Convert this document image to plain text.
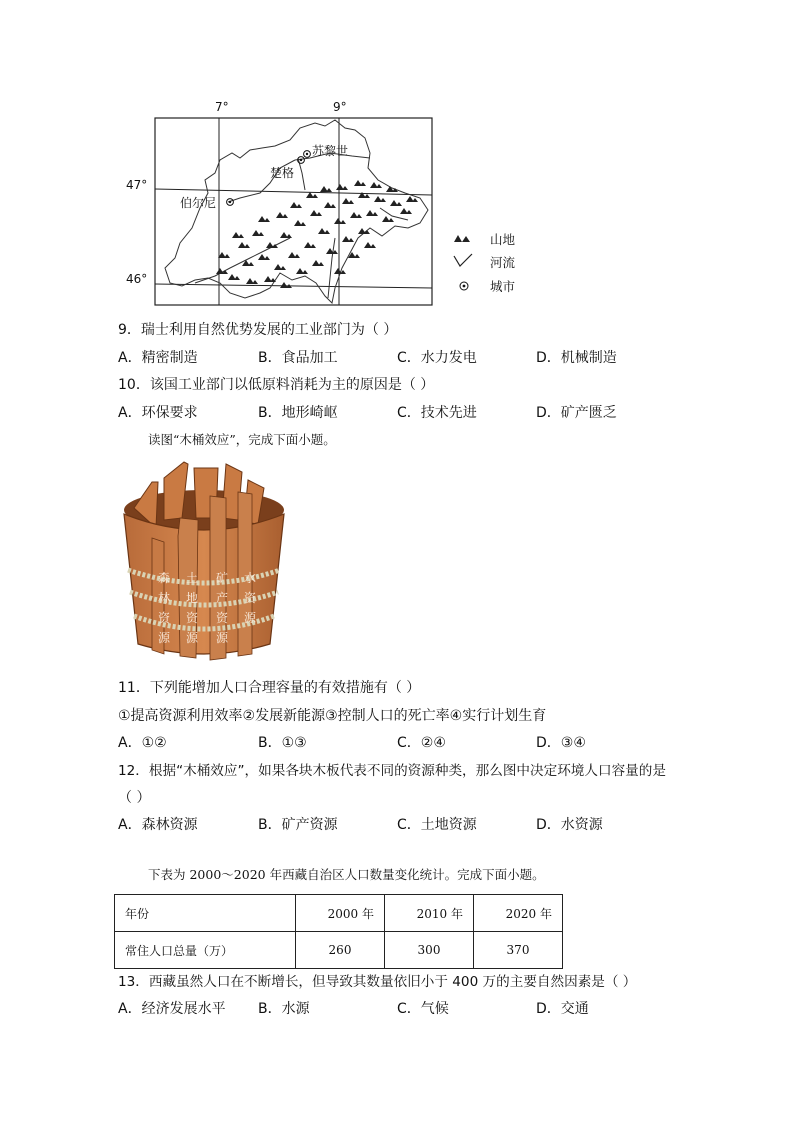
7°	9°
47°
46°
苏黎世
楚格
伯尔尼
山地
河流
城市
9．瑞士利用自然优势发展的工业部门为（ ）
A．精密制造	B．食品加工	C．水力发电	D．机械制造
10．该国工业部门以低原料消耗为主的原因是（ ）
A．环保要求	B．地形崎岖	C．技术先进	D．矿产匮乏
读图“木桶效应”，完成下面小题。
森林资源
土地资源
矿产资源
水资源
11．下列能增加人口合理容量的有效措施有（ ）
①提高资源利用效率②发展新能源③控制人口的死亡率④实行计划生育
A．①②	B．①③	C．②④	D．③④
12．根据“木桶效应”，如果各块木板代表不同的资源种类，那么图中决定环境人口容量的是
（ ）
A．森林资源	B．矿产资源	C．土地资源	D．水资源
下表为 2000～2020 年西藏自治区人口数量变化统计。完成下面小题。
年份	2000 年	2010 年	2020 年
常住人口总量（万）	260	300	370
13．西藏虽然人口在不断增长，但导致其数量依旧小于 400 万的主要自然因素是（ ）
A．经济发展水平 B．水源	C．气候	D．交通
